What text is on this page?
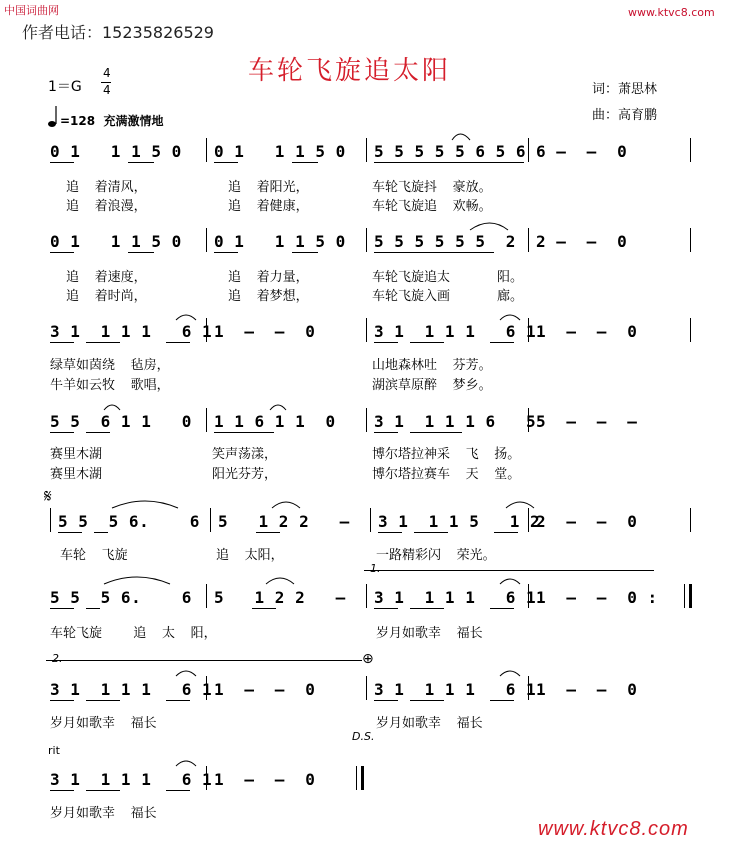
中国词曲网	www.ktvc8.com
作者电话：15235826529
车轮飞旋追太阳
1＝G
4
4	词：萧思林
曲：高育鹏
=128  充满激情地
0 1   1 1 5 0 0 1   1 1 5 0 5 5 5 5 5 6 5 6 6 –  –  0
追  着清风，	追  着阳光，	车轮飞旋抖  豪放。
追  着浪漫，	追  着健康，	车轮飞旋追  欢畅。
0 1   1 1 5 0 0 1   1 1 5 0 5 5 5 5 5 5  2 2 –  –  0
追  着速度，	追  着力量，	车轮飞旋追太      阳。
追  着时尚，	追  着梦想，	车轮飞旋入画      廊。
3 1  1 1 1   6 1 1  –  –  0	3 1  1 1 1   6 1 1  –  –  0
绿草如茵绕  毡房，	山地森林吐  芬芳。
牛羊如云牧  歌唱，	湖滨草原醉  梦乡。
5 5  6 1 1   0 1 1 6 1 1  0 3 1  1 1 1 6   5 5  –  –  –
赛里木湖	笑声荡漾，	博尔塔拉神采  飞  扬。
赛里木湖	阳光芬芳，	博尔塔拉赛车  天  堂。
𝄋
5 5  5 6.    6 5   1 2 2   – 3 1  1 1 5   1 2
2  –  –  0
车轮  飞旋	追  太阳，	一路精彩闪  荣光。
1.
5 5  5 6.    6 5   1 2 2   – 3 1  1 1 1   6 1 1  –  –  0 :
车轮飞旋    追  太  阳，	岁月如歌幸  福长
2.	⊕
3 1  1 1 1   6 1 1  –  –  0	3 1  1 1 1   6 1 1  –  –  0
岁月如歌幸  福长	岁月如歌幸  福长
D.S.
rit
3 1  1 1 1   6 1 1  –  –  0
岁月如歌幸  福长
www.ktvc8.com
